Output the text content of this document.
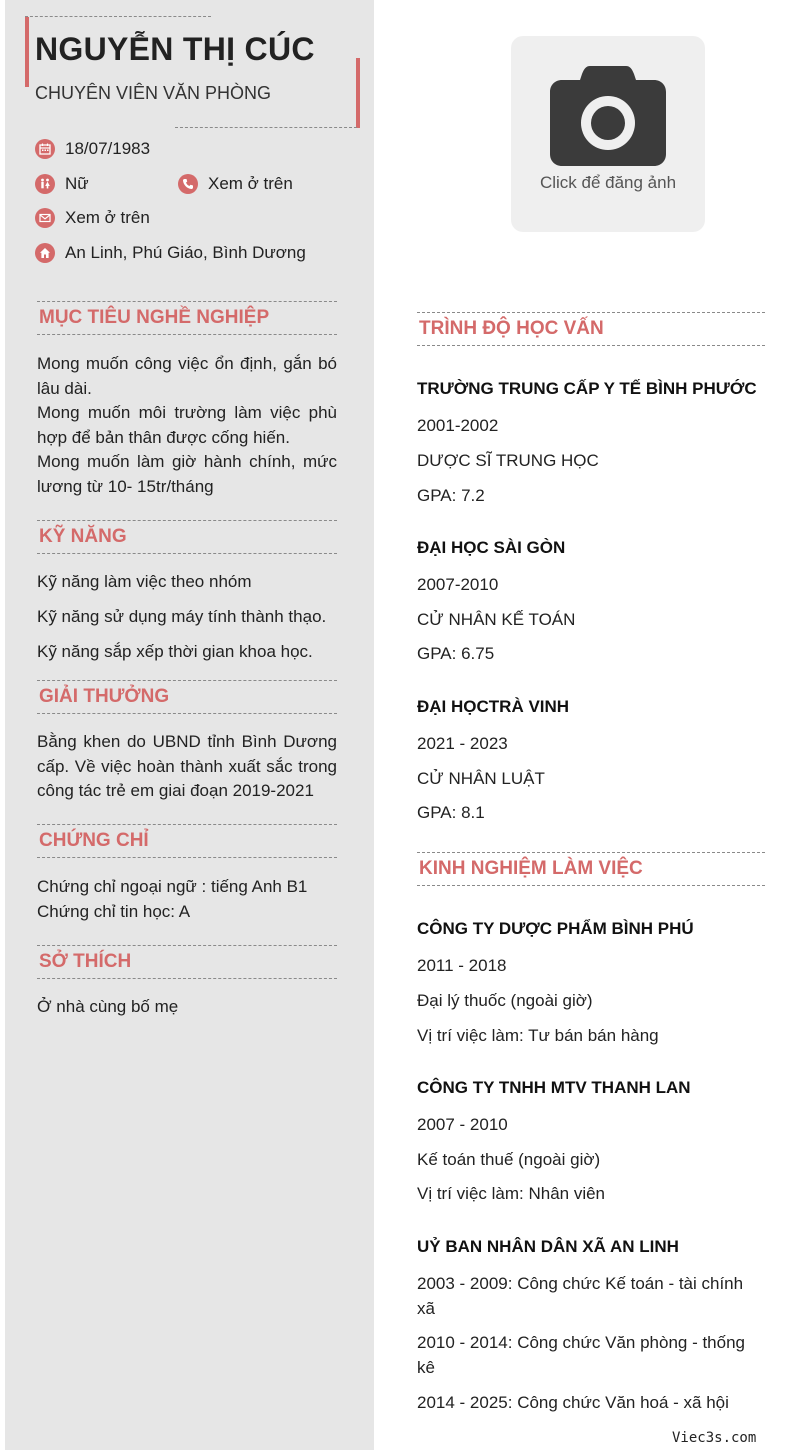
NGUYỄN THỊ CÚC
CHUYÊN VIÊN VĂN PHÒNG
18/07/1983
Nữ	Xem ở trên
Xem ở trên
An Linh, Phú Giáo, Bình Dương
MỤC TIÊU NGHỀ NGHIỆP

Mong muốn công việc ổn định, gắn bó lâu dài.

Mong muốn môi trường làm việc phù hợp để bản thân được cống hiến.

Mong muốn làm giờ hành chính, mức lương từ 10- 15tr/tháng

KỸ NĂNG
Kỹ năng làm việc theo nhóm
Kỹ năng sử dụng máy tính thành thạo.
Kỹ năng sắp xếp thời gian khoa học.
GIẢI THƯỞNG
Bằng khen do UBND tỉnh Bình Dương cấp. Về việc hoàn thành xuất sắc trong công tác trẻ em giai đoạn 2019-2021
CHỨNG CHỈ

Chứng chỉ ngoại ngữ : tiếng Anh B1

Chứng chỉ tin học: A

SỞ THÍCH
Ở nhà cùng bố mẹ
Click để đăng ảnh
TRÌNH ĐỘ HỌC VẤN
TRƯỜNG TRUNG CẤP Y TẾ BÌNH PHƯỚC
2001-2002
DƯỢC SĨ TRUNG HỌC
GPA: 7.2
ĐẠI HỌC SÀI GÒN
2007-2010
CỬ NHÂN KẾ TOÁN
GPA: 6.75
ĐẠI HỌCTRÀ VINH
2021 - 2023
CỬ NHÂN LUẬT
GPA: 8.1
KINH NGHIỆM LÀM VIỆC
CÔNG TY DƯỢC PHẨM BÌNH PHÚ
2011 - 2018
Đại lý thuốc (ngoài giờ)
Vị trí việc làm: Tư bán bán hàng
CÔNG TY TNHH MTV THANH LAN
2007 - 2010
Kế toán thuế (ngoài giờ)
Vị trí việc làm: Nhân viên
UỶ BAN NHÂN DÂN XÃ AN LINH
2003 - 2009: Công chức Kế toán - tài chính xã
2010 - 2014: Công chức Văn phòng - thống kê
2014 - 2025: Công chức Văn hoá - xã hội
Viec3s.com
